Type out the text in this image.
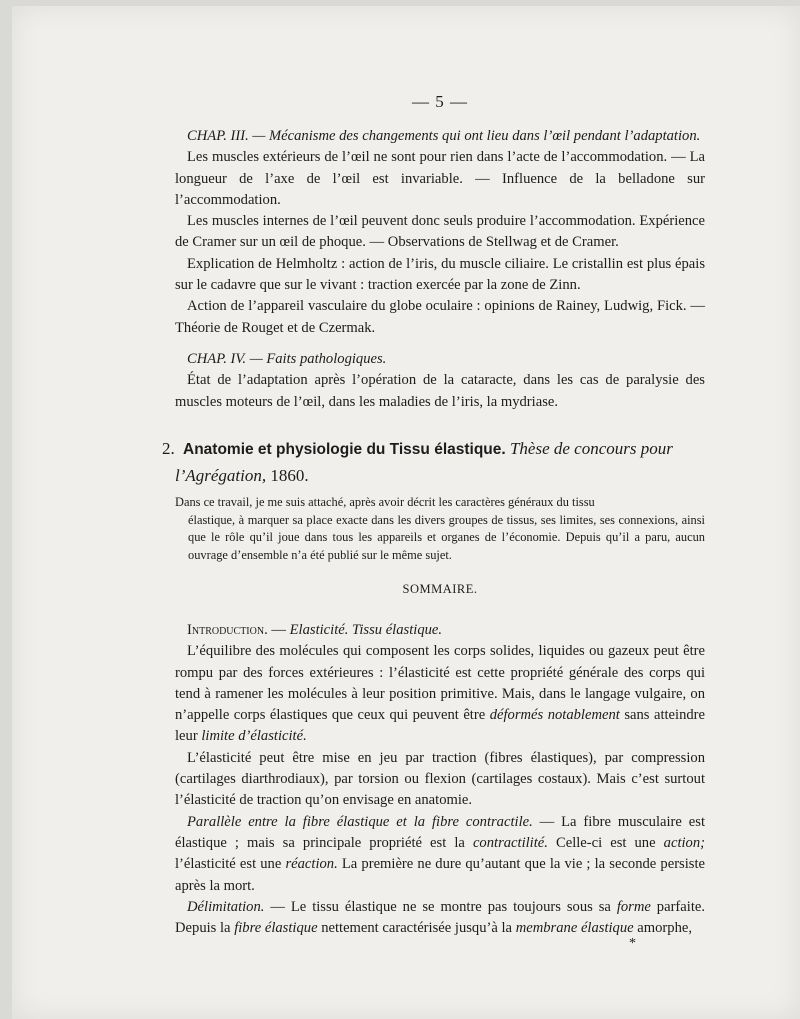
— 5 —

CHAP. III. — Mécanisme des changements qui ont lieu dans l’œil pendant l’adaptation.

Les muscles extérieurs de l’œil ne sont pour rien dans l’acte de l’accommodation. — La longueur de l’axe de l’œil est invariable. — Influence de la belladone sur l’accommodation.

Les muscles internes de l’œil peuvent donc seuls produire l’accommodation. Expérience de Cramer sur un œil de phoque. — Observations de Stellwag et de Cramer.

Explication de Helmholtz : action de l’iris, du muscle ciliaire. Le cristallin est plus épais sur le cadavre que sur le vivant : traction exercée par la zone de Zinn.

Action de l’appareil vasculaire du globe oculaire : opinions de Rainey, Ludwig, Fick. — Théorie de Rouget et de Czermak.

CHAP. IV. — Faits pathologiques.

État de l’adaptation après l’opération de la cataracte, dans les cas de paralysie des muscles moteurs de l’œil, dans les maladies de l’iris, la mydriase.

2. Anatomie et physiologie du Tissu élastique. Thèse de concours pour
l’Agrégation, 1860.

Dans ce travail, je me suis attaché, après avoir décrit les caractères généraux du tissu

élastique, à marquer sa place exacte dans les divers groupes de tissus, ses limites, ses connexions, ainsi que le rôle qu’il joue dans tous les appareils et organes de l’économie. Depuis qu’il a paru, aucun ouvrage d’ensemble n’a été publié sur le même sujet.

SOMMAIRE.

Introduction. — Elasticité. Tissu élastique.

L’équilibre des molécules qui composent les corps solides, liquides ou gazeux peut être rompu par des forces extérieures : l’élasticité est cette propriété générale des corps qui tend à ramener les molécules à leur position primitive. Mais, dans le langage vulgaire, on n’appelle corps élastiques que ceux qui peuvent être déformés notablement sans atteindre leur limite d’élasticité.

L’élasticité peut être mise en jeu par traction (fibres élastiques), par compression (cartilages diarthrodiaux), par torsion ou flexion (cartilages costaux). Mais c’est surtout l’élasticité de traction qu’on envisage en anatomie.

Parallèle entre la fibre élastique et la fibre contractile. — La fibre musculaire est élastique ; mais sa principale propriété est la contractilité. Celle-ci est une action; l’élasticité est une réaction. La première ne dure qu’autant que la vie ; la seconde persiste après la mort.

Délimitation. — Le tissu élastique ne se montre pas toujours sous sa forme parfaite. Depuis la fibre élastique nettement caractérisée jusqu’à la membrane élastique amorphe,

*
